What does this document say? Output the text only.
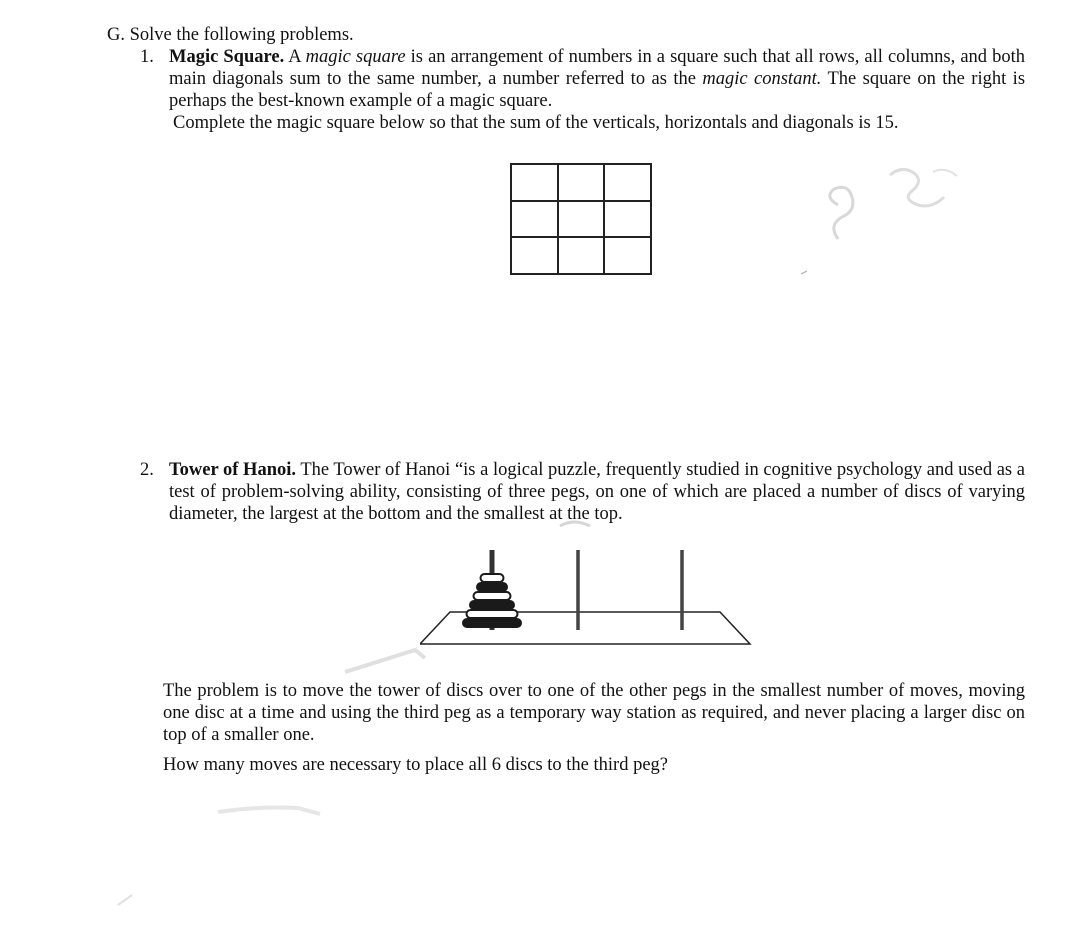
G. Solve the following problems.
1. Magic Square. A magic square is an arrangement of numbers in a square such that all rows, all columns, and both main diagonals sum to the same number, a number referred to as the magic constant. The square on the right is perhaps the best-known example of a magic square.
Complete the magic square below so that the sum of the verticals, horizontals and diagonals is 15.
2. Tower of Hanoi. The Tower of Hanoi “is a logical puzzle, frequently studied in cognitive psychology and used as a test of problem-solving ability, consisting of three pegs, on one of which are placed a number of discs of varying diameter, the largest at the bottom and the smallest at the top.
The problem is to move the tower of discs over to one of the other pegs in the smallest number of moves, moving one disc at a time and using the third peg as a temporary way station as required, and never placing a larger disc on top of a smaller one.
How many moves are necessary to place all 6 discs to the third peg?
